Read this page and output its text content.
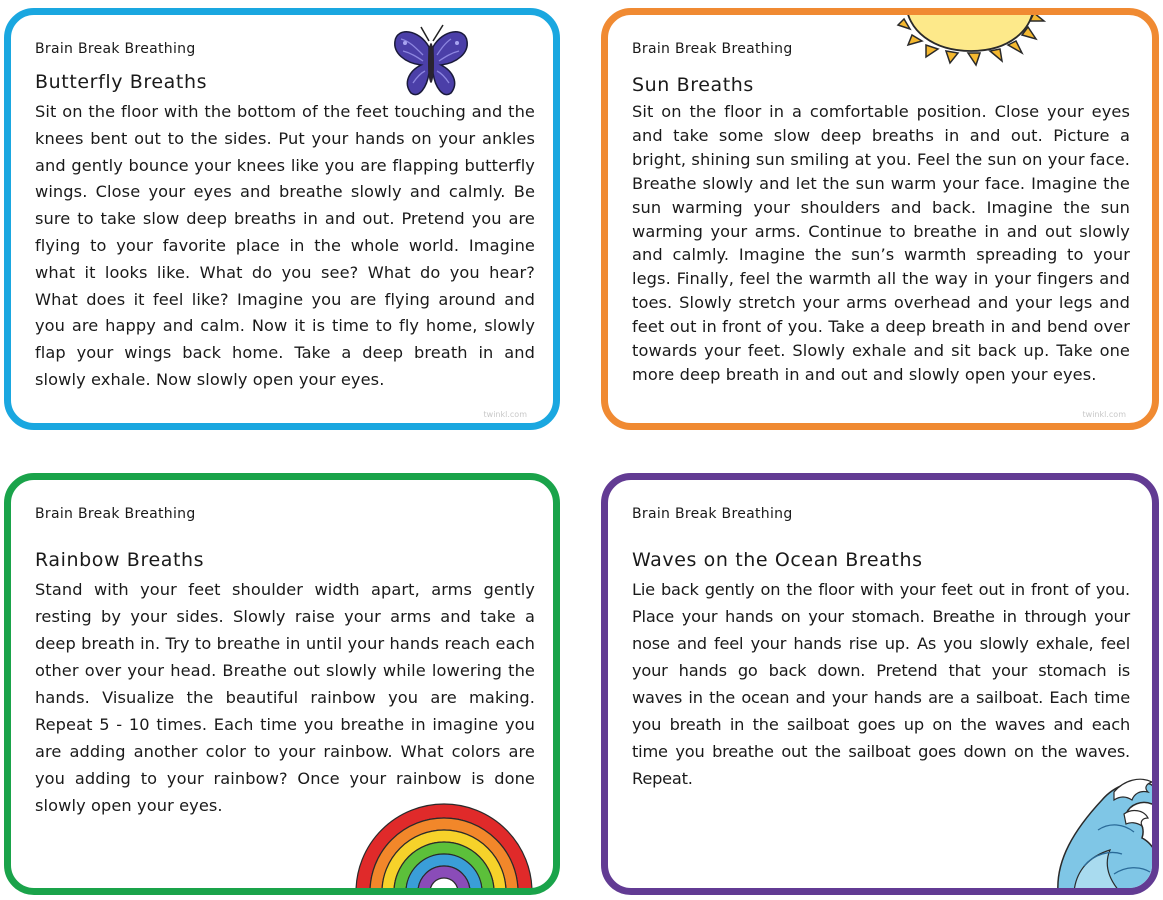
Brain Break Breathing
Butterfly Breaths

Sit on the floor with the bottom of the feet touching and the knees bent out to the sides. Put your hands on your ankles and gently bounce your knees like you are flapping butterfly wings. Close your eyes and breathe slowly and calmly. Be sure to take slow deep breaths in and out. Pretend you are flying to your favorite place in the whole world. Imagine what it looks like. What do you see? What do you hear? What does it feel like? Imagine you are flying around and you are happy and calm. Now it is time to fly home, slowly flap your wings back home. Take a deep breath in and slowly exhale. Now slowly open your eyes.

twinkl.com
Brain Break Breathing
Sun Breaths

Sit on the floor in a comfortable position. Close your eyes and take some slow deep breaths in and out. Picture a bright, shining sun smiling at you. Feel the sun on your face. Breathe slowly and let the sun warm your face. Imagine the sun warming your shoulders and back. Imagine the sun warming your arms. Continue to breathe in and out slowly and calmly. Imagine the sun’s warmth spreading to your legs. Finally, feel the warmth all the way in your fingers and toes. Slowly stretch your arms overhead and your legs and feet out in front of you. Take a deep breath in and bend over towards your feet. Slowly exhale and sit back up. Take one more deep breath in and out and slowly open your eyes.

twinkl.com
Brain Break Breathing
Rainbow Breaths

Stand with your feet shoulder width apart, arms gently resting by your sides. Slowly raise your arms and take a deep breath in. Try to breathe in until your hands reach each other over your head. Breathe out slowly while lowering the hands. Visualize the beautiful rainbow you are making. Repeat 5 - 10 times. Each time you breathe in imagine you are adding another color to your rainbow. What colors are you adding to your rainbow? Once your rainbow is done slowly open your eyes.

Brain Break Breathing
Waves on the Ocean Breaths

Lie back gently on the floor with your feet out in front of you. Place your hands on your stomach. Breathe in through your nose and feel your hands rise up. As you slowly exhale, feel your hands go back down. Pretend that your stomach is waves in the ocean and your hands are a sailboat. Each time you breath in the sailboat goes up on the waves and each time you breathe out the sailboat goes down on the waves. Repeat.
